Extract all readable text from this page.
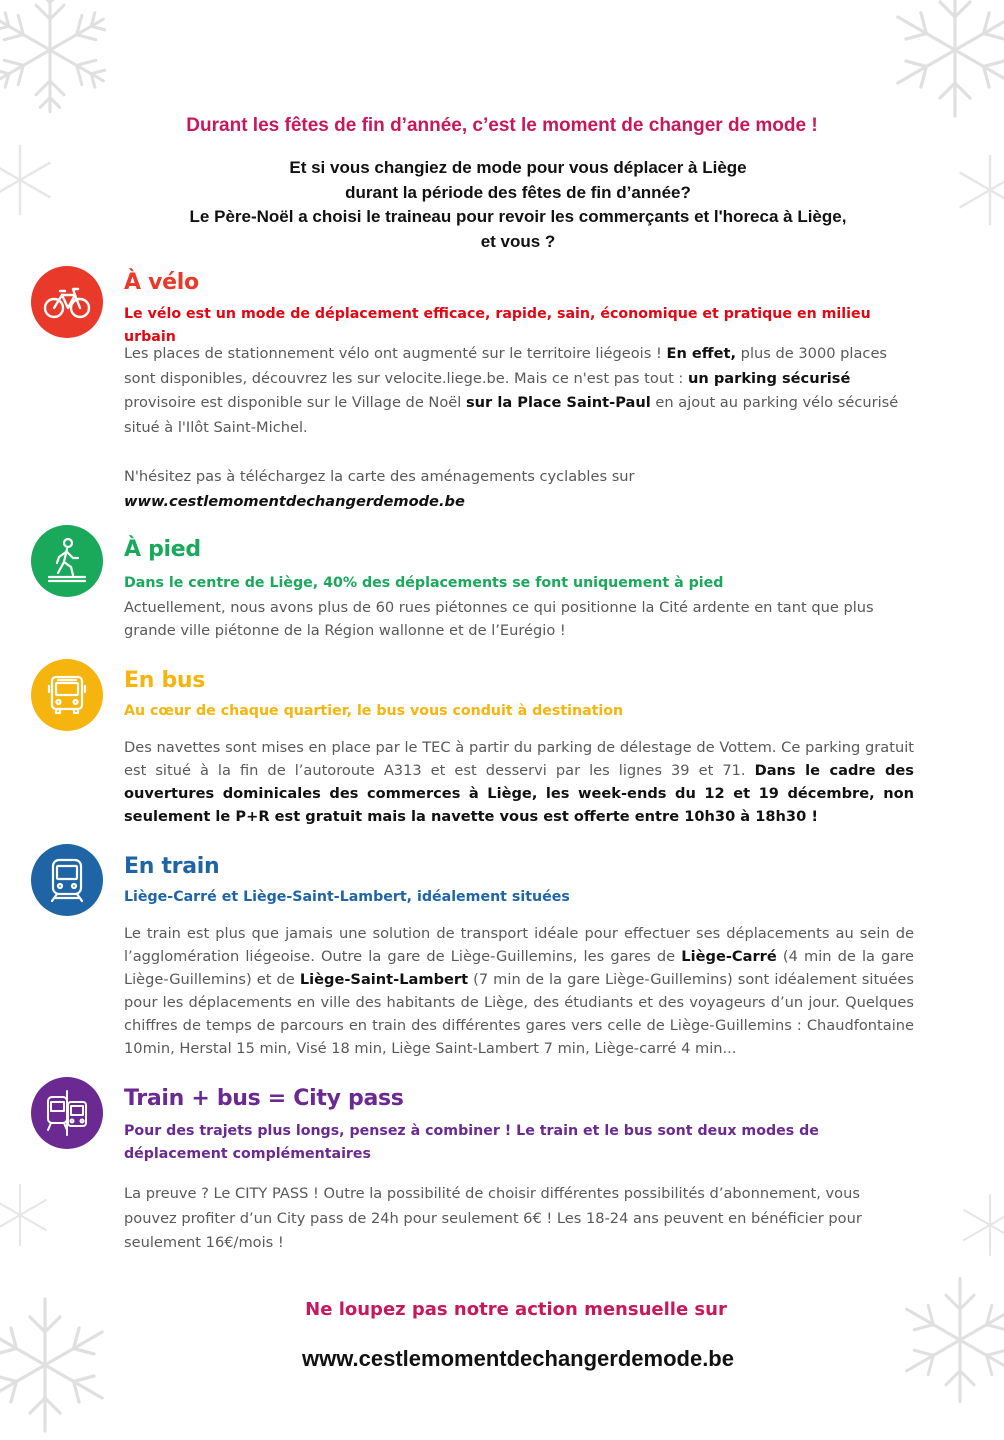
Durant les fêtes de fin d’année, c’est le moment de changer de mode !
Et si vous changiez de mode pour vous déplacer à Liège
durant la période des fêtes de fin d’année?
Le Père-Noël a choisi le traineau pour revoir les commerçants et l'horeca à Liège,
et vous ?
À vélo
Le vélo est un mode de déplacement efficace, rapide, sain, économique et pratique en milieu urbain
Les places de stationnement vélo ont augmenté sur le territoire liégeois ! En effet, plus de 3000 places sont disponibles, découvrez les sur velocite.liege.be. Mais ce n'est pas tout : un parking sécurisé provisoire est disponible sur le Village de Noël sur la Place Saint-Paul en ajout au parking vélo sécurisé situé à l'Ilôt Saint-Michel.
N'hésitez pas à téléchargez la carte des aménagements cyclables sur
www.cestlemomentdechangerdemode.be
À pied
Dans le centre de Liège, 40% des déplacements se font uniquement à pied
Actuellement, nous avons plus de 60 rues piétonnes ce qui positionne la Cité ardente en tant que plus grande ville piétonne de la Région wallonne et de l’Eurégio !
En bus
Au cœur de chaque quartier, le bus vous conduit à destination
Des navettes sont mises en place par le TEC à partir du parking de délestage de Vottem. Ce parking gratuit est situé à la fin de l’autoroute A313 et est desservi par les lignes 39 et 71. Dans le cadre des ouvertures dominicales des commerces à Liège, les week-ends du 12 et 19 décembre, non seulement le P+R est gratuit mais la navette vous est offerte entre 10h30 à 18h30 !
En train
Liège-Carré et Liège-Saint-Lambert, idéalement situées
Le train est plus que jamais une solution de transport idéale pour effectuer ses déplacements au sein de l’agglomération liégeoise. Outre la gare de Liège-Guillemins, les gares de Liège-Carré (4 min de la gare Liège-Guillemins) et de Liège-Saint-Lambert (7 min de la gare Liège-Guillemins) sont idéalement situées pour les déplacements en ville des habitants de Liège, des étudiants et des voyageurs d’un jour. Quelques chiffres de temps de parcours en train des différentes gares vers celle de Liège-Guillemins : Chaudfontaine 10min, Herstal 15 min, Visé 18 min, Liège Saint-Lambert 7 min, Liège-carré 4 min...
Train + bus = City pass
Pour des trajets plus longs, pensez à combiner ! Le train et le bus sont deux modes de déplacement complémentaires
La preuve ? Le CITY PASS ! Outre la possibilité de choisir différentes possibilités d’abonnement, vous pouvez profiter d’un City pass de 24h pour seulement 6€ ! Les 18-24 ans peuvent en bénéficier pour seulement 16€/mois !
Ne loupez pas notre action mensuelle sur
www.cestlemomentdechangerdemode.be
